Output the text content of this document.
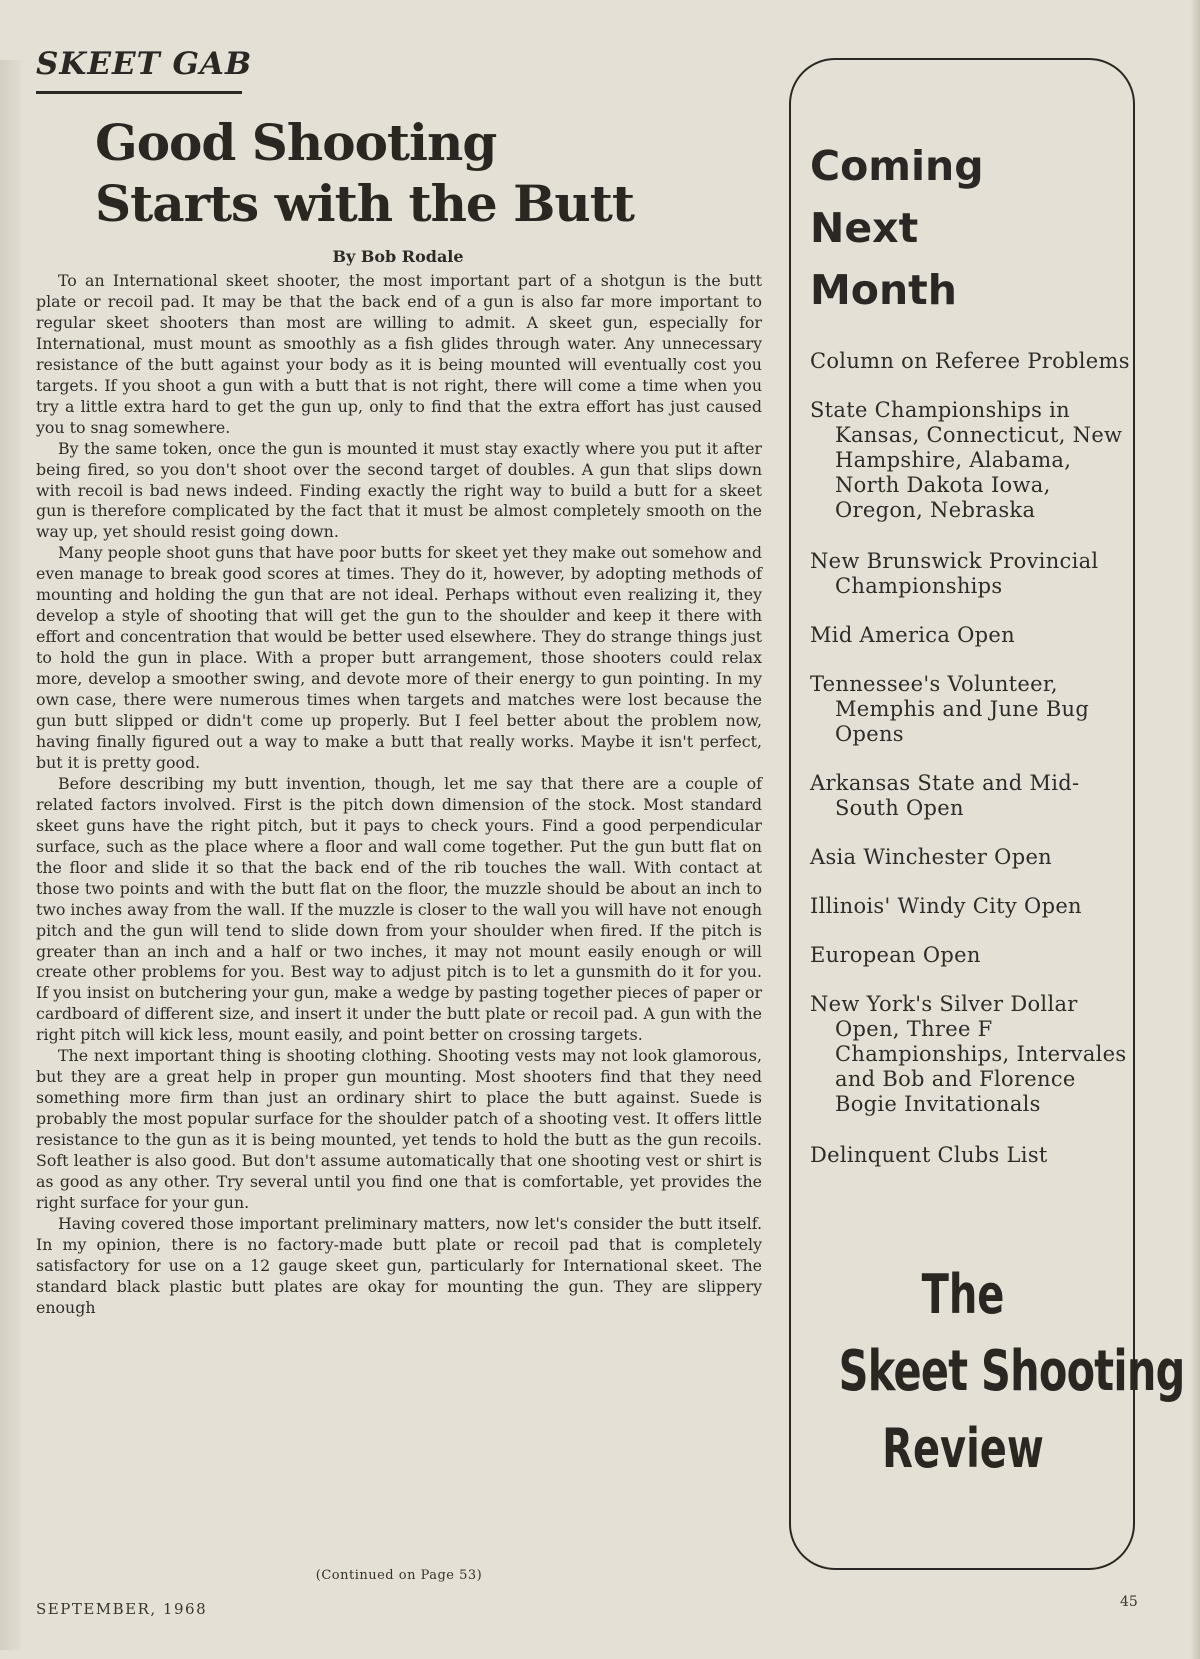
SKEET GAB
Good Shooting
Starts with the Butt
By Bob Rodale

To an International skeet shooter, the most important part of a shotgun is the butt plate or recoil pad. It may be that the back end of a gun is also far more important to regular skeet shooters than most are willing to admit. A skeet gun, especially for International, must mount as smoothly as a fish glides through water. Any unnecessary resistance of the butt against your body as it is being mounted will eventually cost you targets. If you shoot a gun with a butt that is not right, there will come a time when you try a little extra hard to get the gun up, only to find that the extra effort has just caused you to snag somewhere.

By the same token, once the gun is mounted it must stay exactly where you put it after being fired, so you don't shoot over the second target of doubles. A gun that slips down with recoil is bad news indeed. Finding exactly the right way to build a butt for a skeet gun is therefore complicated by the fact that it must be almost completely smooth on the way up, yet should resist going down.

Many people shoot guns that have poor butts for skeet yet they make out somehow and even manage to break good scores at times. They do it, however, by adopting methods of mounting and holding the gun that are not ideal. Perhaps without even realizing it, they develop a style of shooting that will get the gun to the shoulder and keep it there with effort and concentration that would be better used elsewhere. They do strange things just to hold the gun in place. With a proper butt arrangement, those shooters could relax more, develop a smoother swing, and devote more of their energy to gun pointing. In my own case, there were numerous times when targets and matches were lost because the gun butt slipped or didn't come up properly. But I feel better about the problem now, having finally figured out a way to make a butt that really works. Maybe it isn't perfect, but it is pretty good.

Before describing my butt invention, though, let me say that there are a couple of related factors involved. First is the pitch down dimension of the stock. Most standard skeet guns have the right pitch, but it pays to check yours. Find a good perpendicular surface, such as the place where a floor and wall come together. Put the gun butt flat on the floor and slide it so that the back end of the rib touches the wall. With contact at those two points and with the butt flat on the floor, the muzzle should be about an inch to two inches away from the wall. If the muzzle is closer to the wall you will have not enough pitch and the gun will tend to slide down from your shoulder when fired. If the pitch is greater than an inch and a half or two inches, it may not mount easily enough or will create other problems for you. Best way to adjust pitch is to let a gunsmith do it for you. If you insist on butchering your gun, make a wedge by pasting together pieces of paper or cardboard of different size, and insert it under the butt plate or recoil pad. A gun with the right pitch will kick less, mount easily, and point better on crossing targets.

The next important thing is shooting clothing. Shooting vests may not look glamorous, but they are a great help in proper gun mounting. Most shooters find that they need something more firm than just an ordinary shirt to place the butt against. Suede is probably the most popular surface for the shoulder patch of a shooting vest. It offers little resistance to the gun as it is being mounted, yet tends to hold the butt as the gun recoils. Soft leather is also good. But don't assume automatically that one shooting vest or shirt is as good as any other. Try several until you find one that is comfortable, yet provides the right surface for your gun.

Having covered those important preliminary matters, now let's consider the butt itself. In my opinion, there is no factory-made butt plate or recoil pad that is completely satisfactory for use on a 12 gauge skeet gun, particularly for International skeet. The standard black plastic butt plates are okay for mounting the gun. They are slippery enough

(Continued on Page 53)
Coming
Next
Month
Column on Referee Problems
State Championships in Kansas, Connecticut, New Hampshire, Alabama, North Dakota Iowa, Oregon, Nebraska
New Brunswick Provincial Championships
Mid America Open
Tennessee's Volunteer, Memphis and June Bug Opens
Arkansas State and Mid-South Open
Asia Winchester Open
Illinois' Windy City Open
European Open
New York's Silver Dollar Open, Three F Championships, Intervales and Bob and Florence Bogie Invitationals
Delinquent Clubs List
The
Skeet Shooting
Review
SEPTEMBER, 1968	45
